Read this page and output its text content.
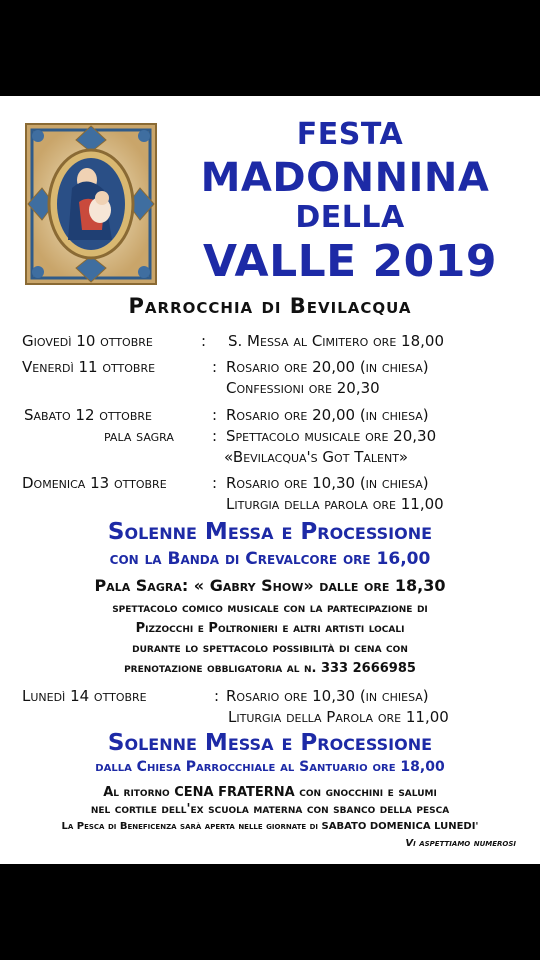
FESTA
MADONNINA
DELLA
VALLE 2019
Parrocchia di Bevilacqua
Giovedì 10 ottobre	: S. Messa al Cimitero ore 18,00
Venerdì 11 ottobre	: Rosario ore 20,00 (in chiesa)
Confessioni ore 20,30
Sabato 12 ottobre	: Rosario ore 20,00 (in chiesa)
pala sagra	: Spettacolo musicale ore 20,30
«Bevilacqua's Got Talent»
Domenica 13 ottobre	: Rosario ore 10,30 (in chiesa)
Liturgia della parola ore 11,00
Solenne Messa e Processione
con la Banda di Crevalcore ore 16,00
Pala Sagra: « Gabry Show» dalle ore 18,30
spettacolo comico musicale con la partecipazione di
Pizzocchi e Poltronieri e altri artisti locali
durante lo spettacolo possibilità di cena con
prenotazione obbligatoria al n. 333 2666985
Lunedì 14 ottobre	: Rosario ore 10,30 (in chiesa)
Liturgia della Parola ore 11,00
Solenne Messa e Processione
dalla Chiesa Parrocchiale al Santuario ore 18,00
Al ritorno CENA FRATERNA con gnocchini e salumi
nel cortile dell'ex scuola materna con sbanco della pesca
La Pesca di Beneficenza sarà aperta nelle giornate di SABATO DOMENICA LUNEDI'
Vi aspettiamo numerosi
